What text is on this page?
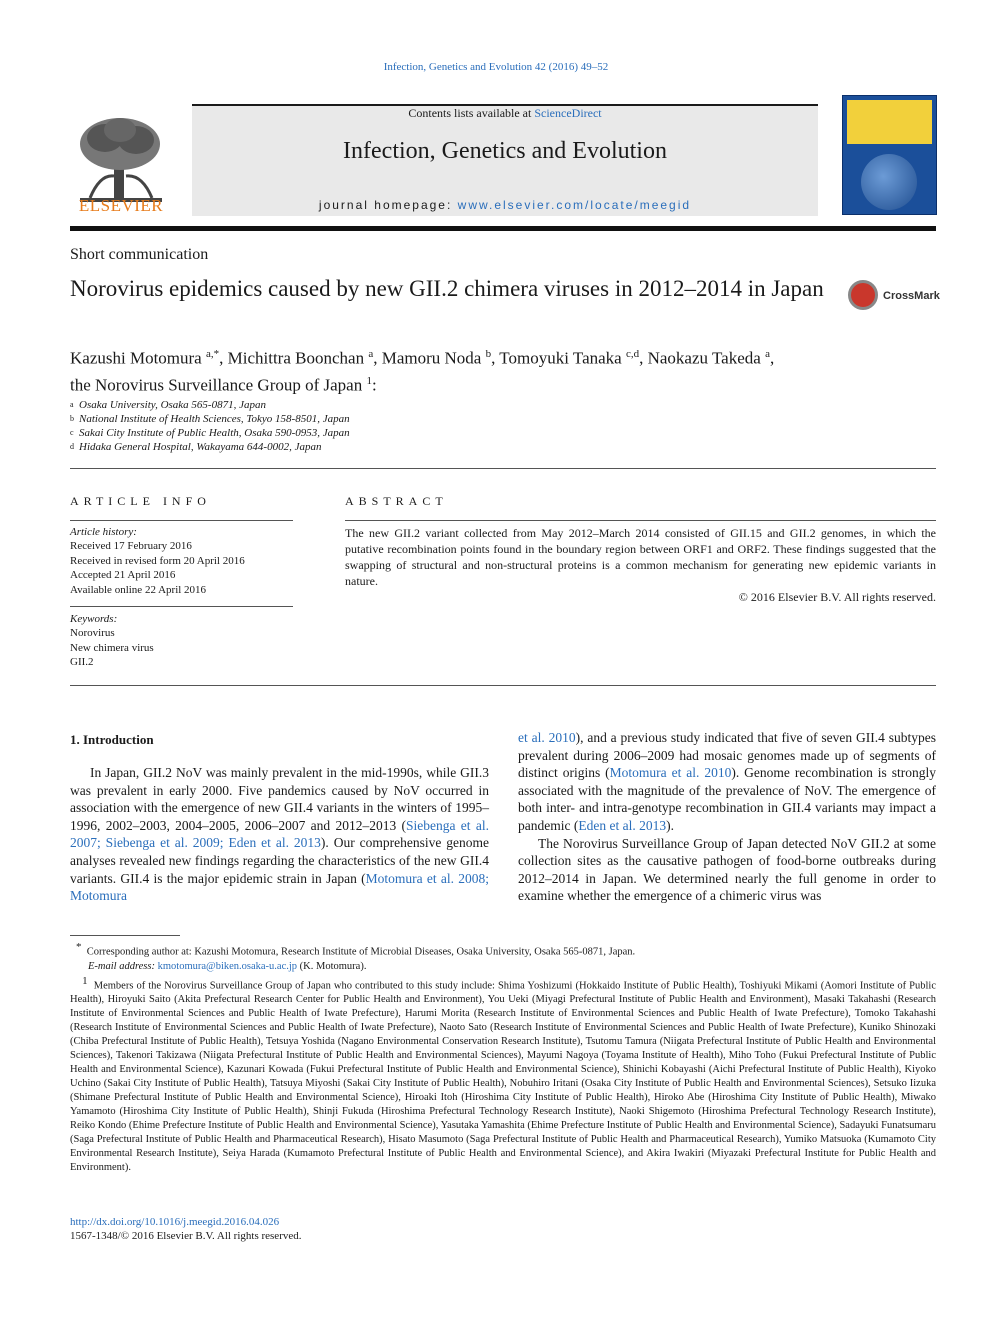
Infection, Genetics and Evolution 42 (2016) 49–52
ELSEVIER
Contents lists available at ScienceDirect
Infection, Genetics and Evolution
journal homepage: www.elsevier.com/locate/meegid
Short communication
Norovirus epidemics caused by new GII.2 chimera viruses in 2012–2014 in Japan	CrossMark
Kazushi Motomura $^{a,*}$, Michittra Boonchan $^a$, Mamoru Noda $^b$, Tomoyuki Tanaka $^{c,d}$, Naokazu Takeda $^a$,
the Norovirus Surveillance Group of Japan $^1$:
a Osaka University, Osaka 565-0871, Japan
b National Institute of Health Sciences, Tokyo 158-8501, Japan
c Sakai City Institute of Public Health, Osaka 590-0953, Japan
d Hidaka General Hospital, Wakayama 644-0002, Japan
ARTICLE INFO
Article history:
Received 17 February 2016
Received in revised form 20 April 2016
Accepted 21 April 2016
Available online 22 April 2016
Keywords:
Norovirus
New chimera virus
GII.2
ABSTRACT
The new GII.2 variant collected from May 2012–March 2014 consisted of GII.15 and GII.2 genomes, in which the putative recombination points found in the boundary region between ORF1 and ORF2. These findings suggested that the swapping of structural and non-structural proteins is a common mechanism for generating new epidemic variants in nature.
© 2016 Elsevier B.V. All rights reserved.
1. Introduction

In Japan, GII.2 NoV was mainly prevalent in the mid-1990s, while GII.3 was prevalent in early 2000. Five pandemics caused by NoV occurred in association with the emergence of new GII.4 variants in the winters of 1995–1996, 2002–2003, 2004–2005, 2006–2007 and 2012–2013 (Siebenga et al. 2007; Siebenga et al. 2009; Eden et al. 2013). Our comprehensive genome analyses revealed new findings regarding the characteristics of the new GII.4 variants. GII.4 is the major epidemic strain in Japan (Motomura et al. 2008; Motomura

et al. 2010), and a previous study indicated that five of seven GII.4 subtypes prevalent during 2006–2009 had mosaic genomes made up of segments of distinct origins (Motomura et al. 2010). Genome recombination is strongly associated with the magnitude of the prevalence of NoV. The emergence of both inter- and intra-genotype recombination in GII.4 variants may impact a pandemic (Eden et al. 2013).

The Norovirus Surveillance Group of Japan detected NoV GII.2 at some collection sites as the causative pathogen of food-borne outbreaks during 2012–2014 in Japan. We determined nearly the full genome in order to examine whether the emergence of a chimeric virus was

* Corresponding author at: Kazushi Motomura, Research Institute of Microbial Diseases, Osaka University, Osaka 565-0871, Japan.

E-mail address: kmotomura@biken.osaka-u.ac.jp (K. Motomura).

$^1$ Members of the Norovirus Surveillance Group of Japan who contributed to this study include: Shima Yoshizumi (Hokkaido Institute of Public Health), Toshiyuki Mikami (Aomori Institute of Public Health), Hiroyuki Saito (Akita Prefectural Research Center for Public Health and Environment), You Ueki (Miyagi Prefectural Institute of Public Health and Environment), Masaki Takahashi (Research Institute of Environmental Sciences and Public Health of Iwate Prefecture), Harumi Morita (Research Institute of Environmental Sciences and Public Health of Iwate Prefecture), Tomoko Takahashi (Research Institute of Environmental Sciences and Public Health of Iwate Prefecture), Naoto Sato (Research Institute of Environmental Sciences and Public Health of Iwate Prefecture), Kuniko Shinozaki (Chiba Prefectural Institute of Public Health), Tetsuya Yoshida (Nagano Environmental Conservation Research Institute), Tsutomu Tamura (Niigata Prefectural Institute of Public Health and Environmental Sciences), Takenori Takizawa (Niigata Prefectural Institute of Public Health and Environmental Sciences), Mayumi Nagoya (Toyama Institute of Health), Miho Toho (Fukui Prefectural Institute of Public Health and Environmental Science), Kazunari Kowada (Fukui Prefectural Institute of Public Health and Environmental Science), Shinichi Kobayashi (Aichi Prefectural Institute of Public Health), Kiyoko Uchino (Sakai City Institute of Public Health), Tatsuya Miyoshi (Sakai City Institute of Public Health), Nobuhiro Iritani (Osaka City Institute of Public Health and Environmental Sciences), Setsuko Iizuka (Shimane Prefectural Institute of Public Health and Environmental Science), Hiroaki Itoh (Hiroshima City Institute of Public Health), Hiroko Abe (Hiroshima City Institute of Public Health), Miwako Yamamoto (Hiroshima City Institute of Public Health), Shinji Fukuda (Hiroshima Prefectural Technology Research Institute), Naoki Shigemoto (Hiroshima Prefectural Technology Research Institute), Reiko Kondo (Ehime Prefecture Institute of Public Health and Environmental Science), Yasutaka Yamashita (Ehime Prefecture Institute of Public Health and Environmental Science), Sadayuki Funatsumaru (Saga Prefectural Institute of Public Health and Pharmaceutical Research), Hisato Masumoto (Saga Prefectural Institute of Public Health and Pharmaceutical Research), Yumiko Matsuoka (Kumamoto City Environmental Research Institute), Seiya Harada (Kumamoto Prefectural Institute of Public Health and Environmental Science), and Akira Iwakiri (Miyazaki Prefectural Institute for Public Health and Environment).

http://dx.doi.org/10.1016/j.meegid.2016.04.026
1567-1348/© 2016 Elsevier B.V. All rights reserved.
